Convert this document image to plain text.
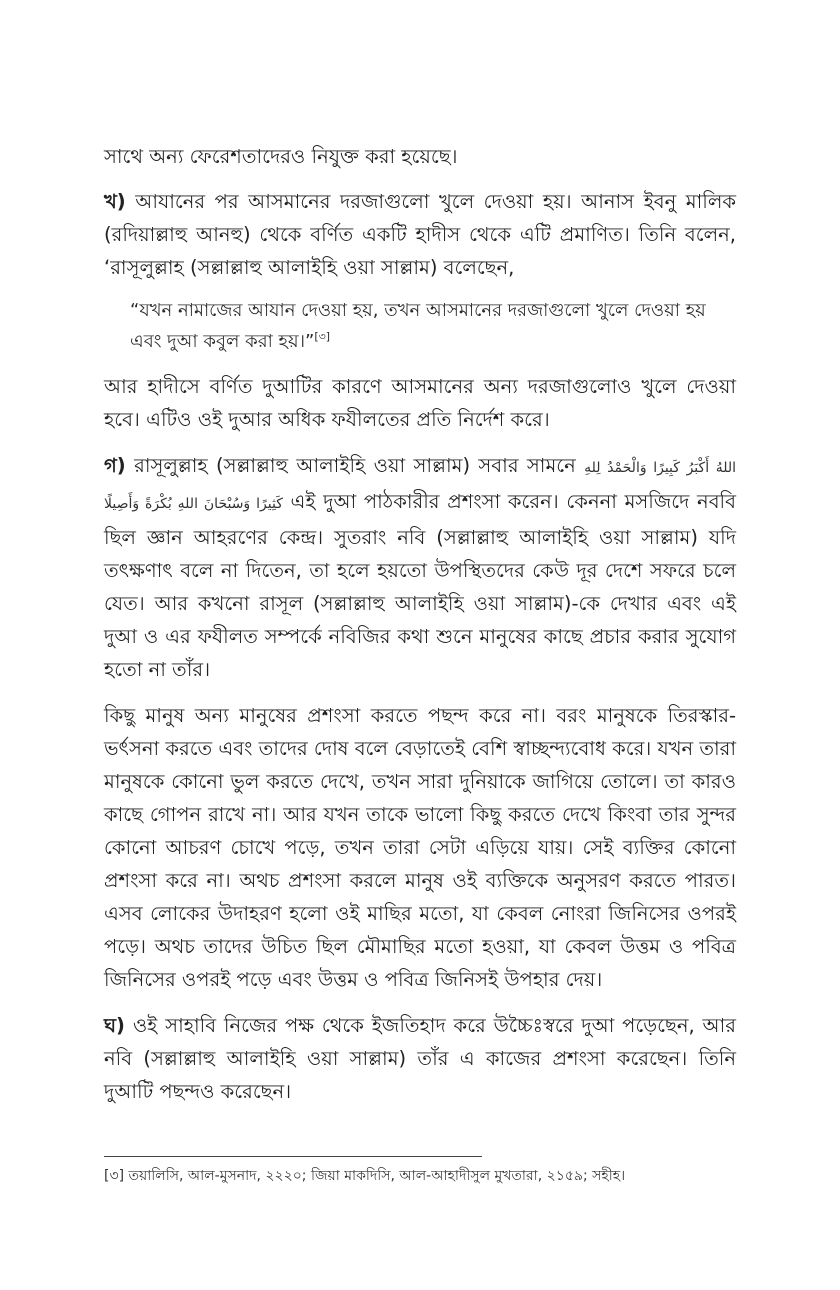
সাথে অন্য ফেরেশতাদেরও নিযুক্ত করা হয়েছে।

খ) আযানের পর আসমানের দরজাগুলো খুলে দেওয়া হয়। আনাস ইবনু মালিক (রদিয়াল্লাহু আনহু) থেকে বর্ণিত একটি হাদীস থেকে এটি প্রমাণিত। তিনি বলেন, ‘রাসূলুল্লাহ (সল্লাল্লাহু আলাইহি ওয়া সাল্লাম) বলেছেন,

“যখন নামাজের আযান দেওয়া হয়, তখন আসমানের দরজাগুলো খুলে দেওয়া হয় এবং দুআ কবুল করা হয়।”[৩]

আর হাদীসে বর্ণিত দুআটির কারণে আসমানের অন্য দরজাগুলোও খুলে দেওয়া হবে। এটিও ওই দুআর অধিক ফযীলতের প্রতি নির্দেশ করে।

গ) রাসূলুল্লাহ (সল্লাল্লাহু আলাইহি ওয়া সাল্লাম) সবার সামনে اللهُ أَكْبَرُ كَبِيرًا وَالْحَمْدُ لِلهِ كَثِيرًا وَسُبْحَانَ اللهِ بُكْرَةً وَأَصِيلًا এই দুআ পাঠকারীর প্রশংসা করেন। কেননা মসজিদে নববি ছিল জ্ঞান আহরণের কেন্দ্র। সুতরাং নবি (সল্লাল্লাহু আলাইহি ওয়া সাল্লাম) যদি তৎক্ষণাৎ বলে না দিতেন, তা হলে হয়তো উপস্থিতদের কেউ দূর দেশে সফরে চলে যেত। আর কখনো রাসূল (সল্লাল্লাহু আলাইহি ওয়া সাল্লাম)-কে দেখার এবং এই দুআ ও এর ফযীলত সম্পর্কে নবিজির কথা শুনে মানুষের কাছে প্রচার করার সুযোগ হতো না তাঁর।

কিছু মানুষ অন্য মানুষের প্রশংসা করতে পছন্দ করে না। বরং মানুষকে তিরস্কার-ভর্ৎসনা করতে এবং তাদের দোষ বলে বেড়াতেই বেশি স্বাচ্ছন্দ্যবোধ করে। যখন তারা মানুষকে কোনো ভুল করতে দেখে, তখন সারা দুনিয়াকে জাগিয়ে তোলে। তা কারও কাছে গোপন রাখে না। আর যখন তাকে ভালো কিছু করতে দেখে কিংবা তার সুন্দর কোনো আচরণ চোখে পড়ে, তখন তারা সেটা এড়িয়ে যায়। সেই ব্যক্তির কোনো প্রশংসা করে না। অথচ প্রশংসা করলে মানুষ ওই ব্যক্তিকে অনুসরণ করতে পারত। এসব লোকের উদাহরণ হলো ওই মাছির মতো, যা কেবল নোংরা জিনিসের ওপরই পড়ে। অথচ তাদের উচিত ছিল মৌমাছির মতো হওয়া, যা কেবল উত্তম ও পবিত্র জিনিসের ওপরই পড়ে এবং উত্তম ও পবিত্র জিনিসই উপহার দেয়।

ঘ) ওই সাহাবি নিজের পক্ষ থেকে ইজতিহাদ করে উচ্চৈঃস্বরে দুআ পড়েছেন, আর নবি (সল্লাল্লাহু আলাইহি ওয়া সাল্লাম) তাঁর এ কাজের প্রশংসা করেছেন। তিনি দুআটি পছন্দও করেছেন।

[৩] তয়ালিসি, আল-মুসনাদ, ২২২০; জিয়া মাকদিসি, আল-আহাদীসুল মুখতারা, ২১৫৯; সহীহ।
